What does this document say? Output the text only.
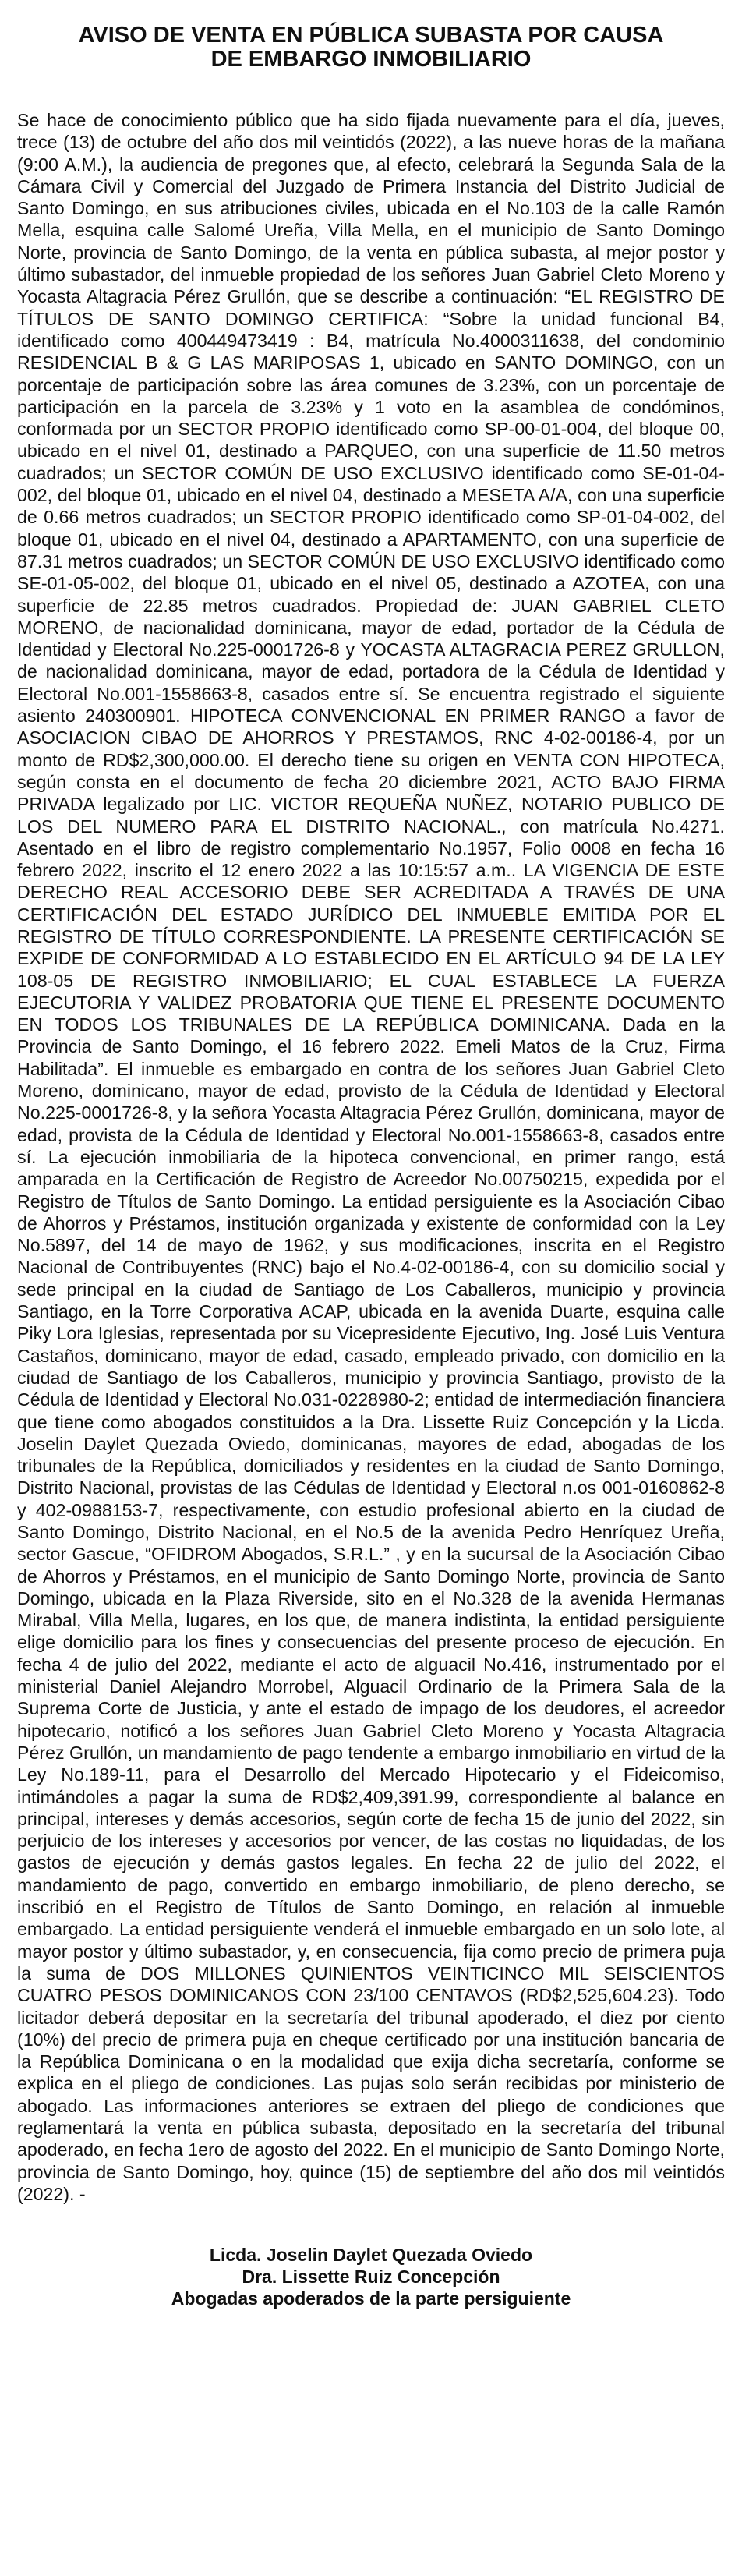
AVISO DE VENTA EN PÚBLICA SUBASTA POR CAUSA
DE EMBARGO INMOBILIARIO

Se hace de conocimiento público que ha sido fijada nuevamente para el día, jueves, trece (13) de octubre del año dos mil veintidós (2022), a las nueve horas de la mañana (9:00 A.M.), la audiencia de pregones que, al efecto, celebrará la Segunda Sala de la Cámara Civil y Comercial del Juzgado de Primera Instancia del Distrito Judicial de Santo Domingo, en sus atribuciones civiles, ubicada en el No.103 de la calle Ramón Mella, esquina calle Salomé Ureña, Villa Mella, en el municipio de Santo Domingo Norte, provincia de Santo Domingo, de la venta en pública subasta, al mejor postor y último subastador, del inmueble propiedad de los señores Juan Gabriel Cleto Moreno y Yocasta Altagracia Pérez Grullón, que se describe a continuación: “EL REGISTRO DE TÍTULOS DE SANTO DOMINGO CERTIFICA: “Sobre la unidad funcional B4, identificado como 400449473419 : B4, matrícula No.4000311638, del condominio RESIDENCIAL B & G LAS MARIPOSAS 1, ubicado en SANTO DOMINGO, con un porcentaje de participación sobre las área comunes de 3.23%, con un porcentaje de participación en la parcela de 3.23% y 1 voto en la asamblea de condóminos, conformada por un SECTOR PROPIO identificado como SP-00-01-004, del bloque 00, ubicado en el nivel 01, destinado a PARQUEO, con una superficie de 11.50 metros cuadrados; un SECTOR COMÚN DE USO EXCLUSIVO identificado como SE-01-04-002, del bloque 01, ubicado en el nivel 04, destinado a MESETA A/A, con una superficie de 0.66 metros cuadrados; un SECTOR PROPIO identificado como SP-01-04-002, del bloque 01, ubicado en el nivel 04, destinado a APARTAMENTO, con una superficie de 87.31 metros cuadrados; un SECTOR COMÚN DE USO EXCLUSIVO identificado como SE-01-05-002, del bloque 01, ubicado en el nivel 05, destinado a AZOTEA, con una superficie de 22.85 metros cuadrados. Propiedad de: JUAN GABRIEL CLETO MORENO, de nacionalidad dominicana, mayor de edad, portador de la Cédula de Identidad y Electoral No.225-0001726-8 y YOCASTA ALTAGRACIA PEREZ GRULLON, de nacionalidad dominicana, mayor de edad, portadora de la Cédula de Identidad y Electoral No.001-1558663-8, casados entre sí. Se encuentra registrado el siguiente asiento 240300901. HIPOTECA CONVENCIONAL EN PRIMER RANGO a favor de ASOCIACION CIBAO DE AHORROS Y PRESTAMOS, RNC 4-02-00186-4, por un monto de RD$2,300,000.00. El derecho tiene su origen en VENTA CON HIPOTECA, según consta en el documento de fecha 20 diciembre 2021, ACTO BAJO FIRMA PRIVADA legalizado por LIC. VICTOR REQUEÑA NUÑEZ, NOTARIO PUBLICO DE LOS DEL NUMERO PARA EL DISTRITO NACIONAL., con matrícula No.4271. Asentado en el libro de registro complementario No.1957, Folio 0008 en fecha 16 febrero 2022, inscrito el 12 enero 2022 a las 10:15:57 a.m.. LA VIGENCIA DE ESTE DERECHO REAL ACCESORIO DEBE SER ACREDITADA A TRAVÉS DE UNA CERTIFICACIÓN DEL ESTADO JURÍDICO DEL INMUEBLE EMITIDA POR EL REGISTRO DE TÍTULO CORRESPONDIENTE. LA PRESENTE CERTIFICACIÓN SE EXPIDE DE CONFORMIDAD A LO ESTABLECIDO EN EL ARTÍCULO 94 DE LA LEY 108-05 DE REGISTRO INMOBILIARIO; EL CUAL ESTABLECE LA FUERZA EJECUTORIA Y VALIDEZ PROBATORIA QUE TIENE EL PRESENTE DOCUMENTO EN TODOS LOS TRIBUNALES DE LA REPÚBLICA DOMINICANA. Dada en la Provincia de Santo Domingo, el 16 febrero 2022. Emeli Matos de la Cruz, Firma Habilitada”. El inmueble es embargado en contra de los señores Juan Gabriel Cleto Moreno, dominicano, mayor de edad, provisto de la Cédula de Identidad y Electoral No.225-0001726-8, y la señora Yocasta Altagracia Pérez Grullón, dominicana, mayor de edad, provista de la Cédula de Identidad y Electoral No.001-1558663-8, casados entre sí. La ejecución inmobiliaria de la hipoteca convencional, en primer rango, está amparada en la Certificación de Registro de Acreedor No.00750215, expedida por el Registro de Títulos de Santo Domingo. La entidad persiguiente es la Asociación Cibao de Ahorros y Préstamos, institución organizada y existente de conformidad con la Ley No.5897, del 14 de mayo de 1962, y sus modificaciones, inscrita en el Registro Nacional de Contribuyentes (RNC) bajo el No.4-02-00186-4, con su domicilio social y sede principal en la ciudad de Santiago de Los Caballeros, municipio y provincia Santiago, en la Torre Corporativa ACAP, ubicada en la avenida Duarte, esquina calle Piky Lora Iglesias, representada por su Vicepresidente Ejecutivo, Ing. José Luis Ventura Castaños, dominicano, mayor de edad, casado, empleado privado, con domicilio en la ciudad de Santiago de los Caballeros, municipio y provincia Santiago, provisto de la Cédula de Identidad y Electoral No.031-0228980-2; entidad de intermediación financiera que tiene como abogados constituidos a la Dra. Lissette Ruiz Concepción y la Licda. Joselin Daylet Quezada Oviedo, dominicanas, mayores de edad, abogadas de los tribunales de la República, domiciliados y residentes en la ciudad de Santo Domingo, Distrito Nacional, provistas de las Cédulas de Identidad y Electoral n.os 001-0160862-8 y 402-0988153-7, respectivamente, con estudio profesional abierto en la ciudad de Santo Domingo, Distrito Nacional, en el No.5 de la avenida Pedro Henríquez Ureña, sector Gascue, “OFIDROM Abogados, S.R.L.” , y en la sucursal de la Asociación Cibao de Ahorros y Préstamos, en el municipio de Santo Domingo Norte, provincia de Santo Domingo, ubicada en la Plaza Riverside, sito en el No.328 de la avenida Hermanas Mirabal, Villa Mella, lugares, en los que, de manera indistinta, la entidad persiguiente elige domicilio para los fines y consecuencias del presente proceso de ejecución. En fecha 4 de julio del 2022, mediante el acto de alguacil No.416, instrumentado por el ministerial Daniel Alejandro Morrobel, Alguacil Ordinario de la Primera Sala de la Suprema Corte de Justicia, y ante el estado de impago de los deudores, el acreedor hipotecario, notificó a los señores Juan Gabriel Cleto Moreno y Yocasta Altagracia Pérez Grullón, un mandamiento de pago tendente a embargo inmobiliario en virtud de la Ley No.189-11, para el Desarrollo del Mercado Hipotecario y el Fideicomiso, intimándoles a pagar la suma de RD$2,409,391.99, correspondiente al balance en principal, intereses y demás accesorios, según corte de fecha 15 de junio del 2022, sin perjuicio de los intereses y accesorios por vencer, de las costas no liquidadas, de los gastos de ejecución y demás gastos legales. En fecha 22 de julio del 2022, el mandamiento de pago, convertido en embargo inmobiliario, de pleno derecho, se inscribió en el Registro de Títulos de Santo Domingo, en relación al inmueble embargado. La entidad persiguiente venderá el inmueble embargado en un solo lote, al mayor postor y último subastador, y, en consecuencia, fija como precio de primera puja la suma de DOS MILLONES QUINIENTOS VEINTICINCO MIL SEISCIENTOS CUATRO PESOS DOMINICANOS CON 23/100 CENTAVOS (RD$2,525,604.23). Todo licitador deberá depositar en la secretaría del tribunal apoderado, el diez por ciento (10%) del precio de primera puja en cheque certificado por una institución bancaria de la República Dominicana o en la modalidad que exija dicha secretaría, conforme se explica en el pliego de condiciones. Las pujas solo serán recibidas por ministerio de abogado. Las informaciones anteriores se extraen del pliego de condiciones que reglamentará la venta en pública subasta, depositado en la secretaría del tribunal apoderado, en fecha 1ero de agosto del 2022. En el municipio de Santo Domingo Norte, provincia de Santo Domingo, hoy, quince (15) de septiembre del año dos mil veintidós (2022). -

Licda. Joselin Daylet Quezada Oviedo
Dra. Lissette Ruiz Concepción
Abogadas apoderados de la parte persiguiente
